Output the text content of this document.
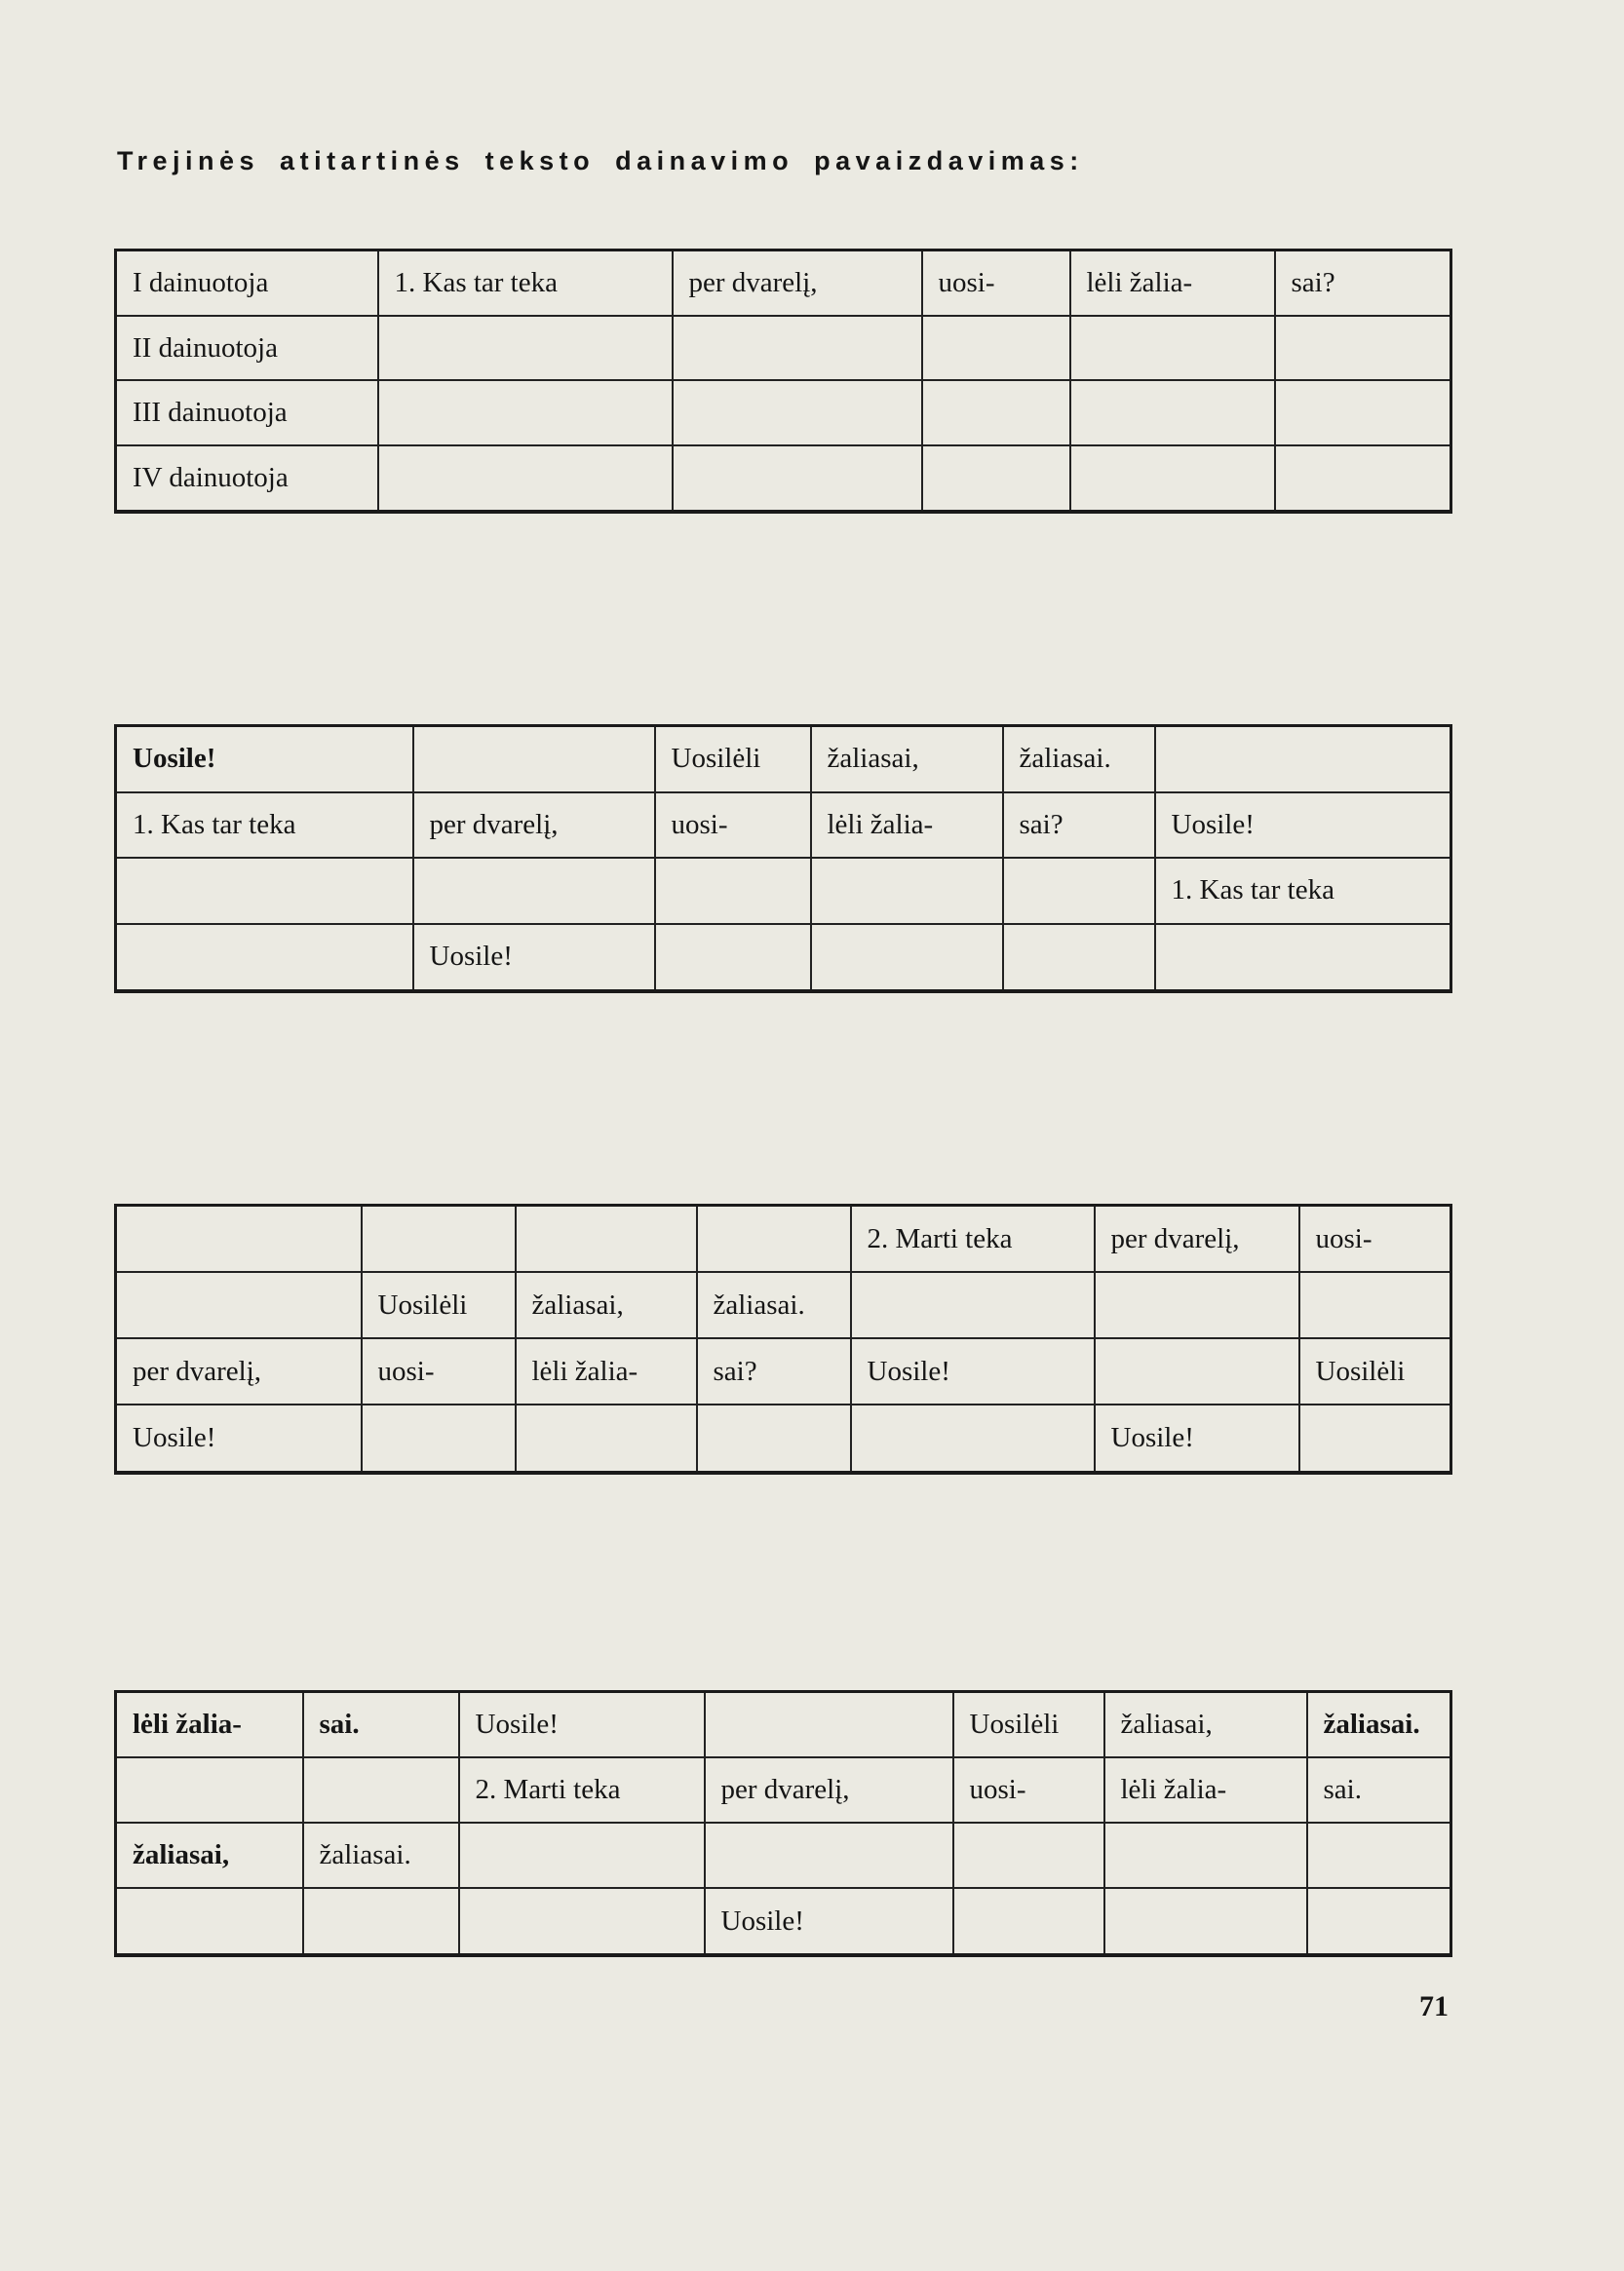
Trejinės atitartinės teksto dainavimo pavaizdavimas:
I dainuotoja	1. Kas tar teka	per dvarelį,	uosi-	lėli žalia-	sai?
II dainuotoja					
III dainuotoja					
IV dainuotoja					
Uosile!		Uosilėli	žaliasai,	žaliasai.	
1. Kas tar teka	per dvarelį,	uosi-	lėli žalia-	sai?	Uosile!
					1. Kas tar teka
	Uosile!				
				2. Marti teka	per dvarelį,	uosi-
	Uosilėli	žaliasai,	žaliasai.			
per dvarelį,	uosi-	lėli žalia-	sai?	Uosile!		Uosilėli
Uosile!					Uosile!	
lėli žalia-	sai.	Uosile!		Uosilėli	žaliasai,	žaliasai.
		2. Marti teka	per dvarelį,	uosi-	lėli žalia-	sai.
žaliasai,	žaliasai.					
			Uosile!			
71
